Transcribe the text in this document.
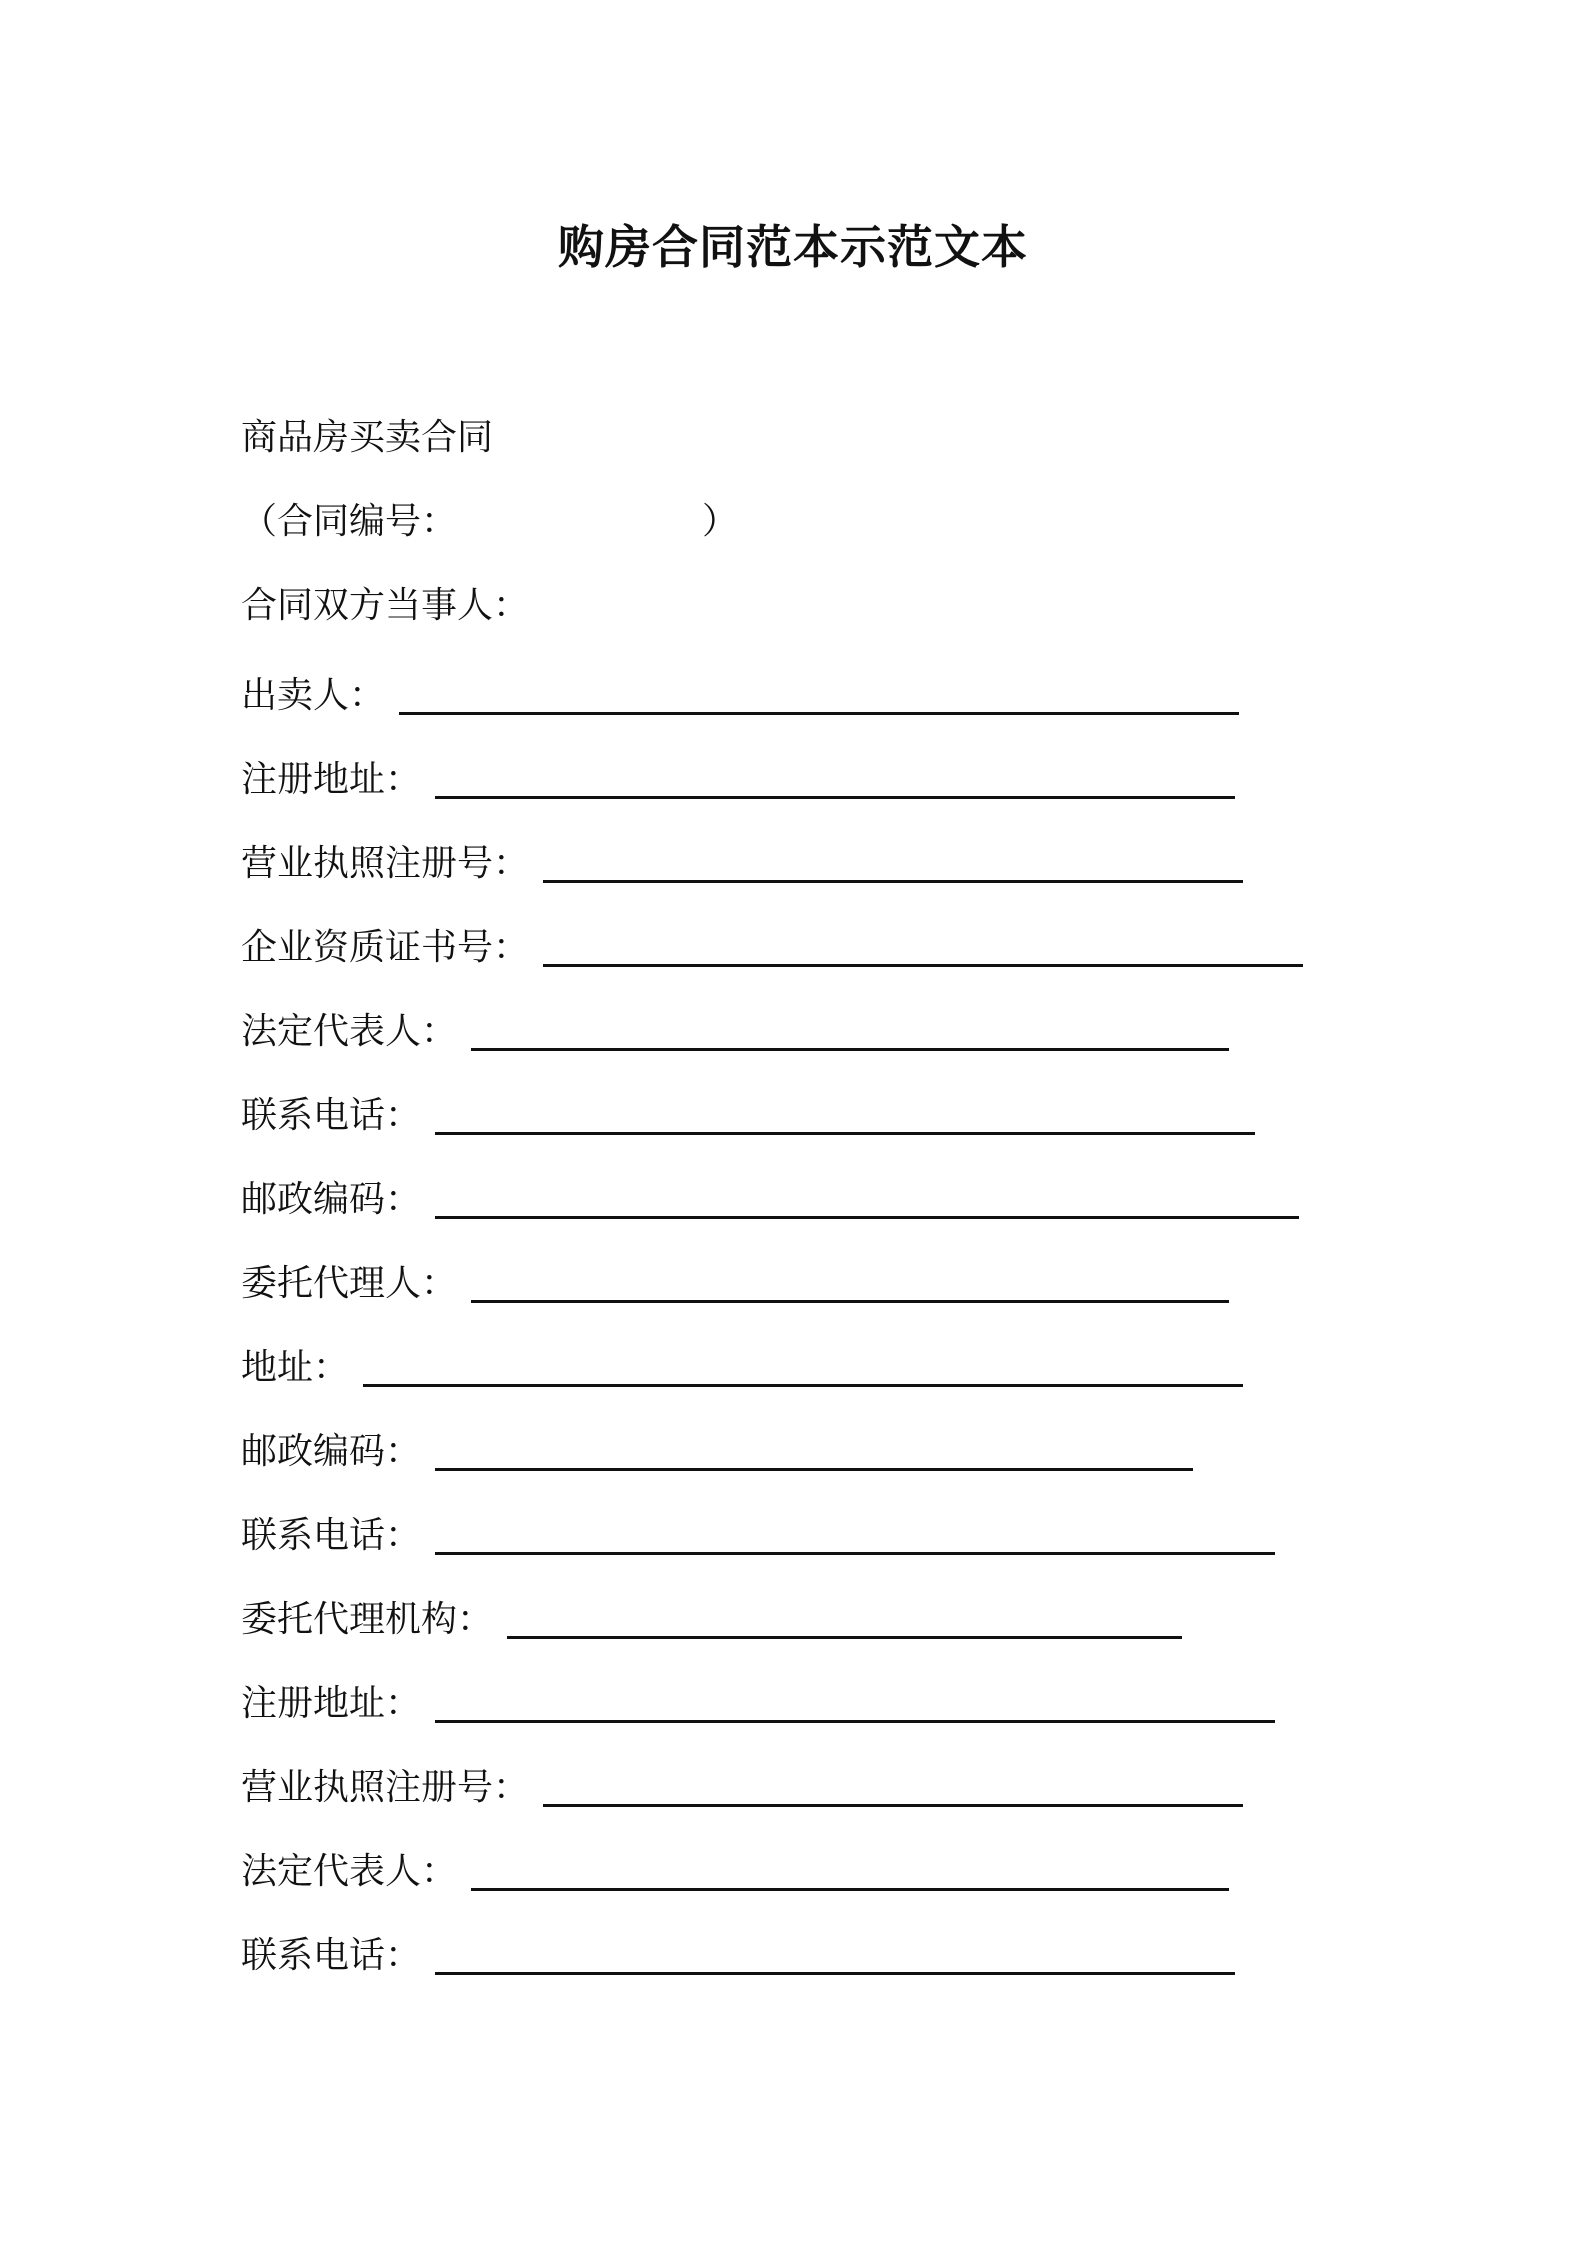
购房合同范本示范文本
商品房买卖合同
（合同编号：	）
合同双方当事人：
出卖人：
注册地址：
营业执照注册号：
企业资质证书号：
法定代表人：
联系电话：
邮政编码：
委托代理人：
地址：
邮政编码：
联系电话：
委托代理机构：
注册地址：
营业执照注册号：
法定代表人：
联系电话：
